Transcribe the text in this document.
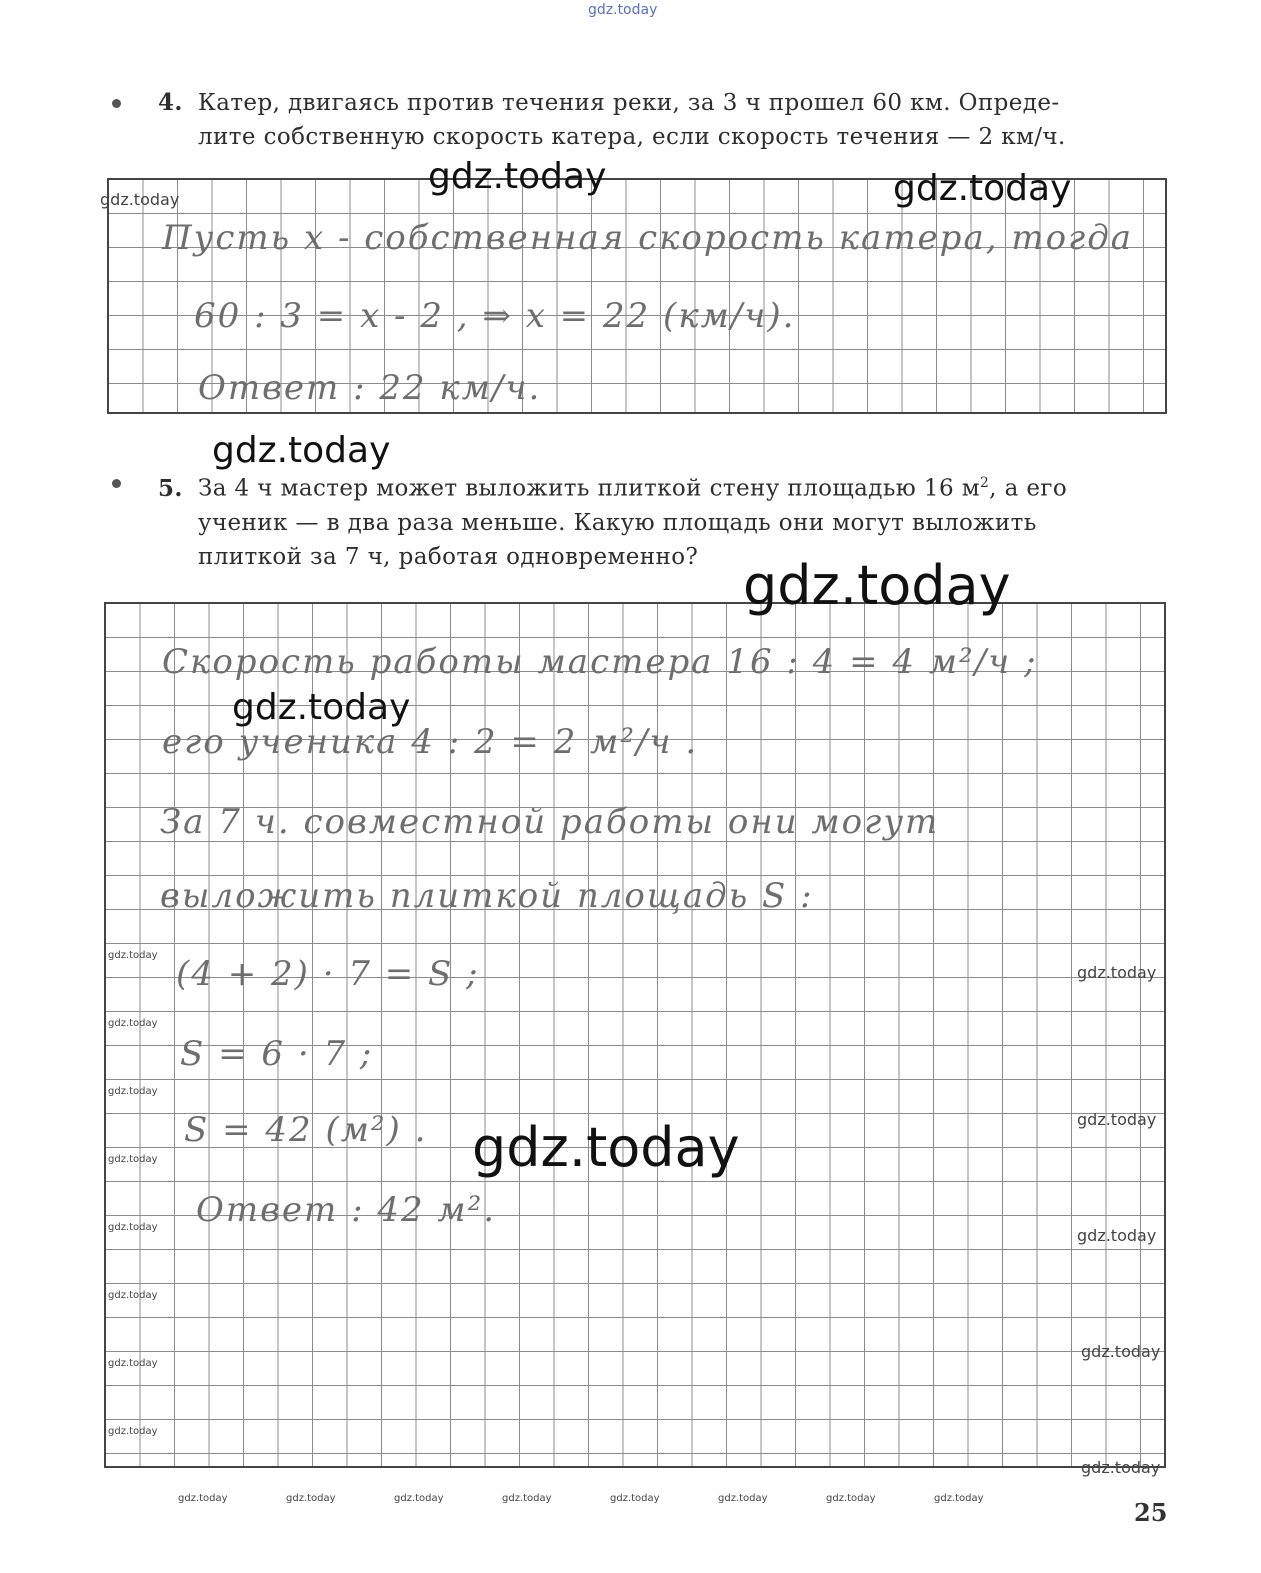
gdz.today
4. Катер, двигаясь против течения реки, за 3 ч прошел 60 км. Опреде-
лите собственную скорость катера, если скорость течения — 2 км/ч.
Пусть x - собственная скорость катера, тогда
60 : 3 = x - 2 , ⇒ x = 22 (км/ч).
Ответ : 22 км/ч.
5. За 4 ч мастер может выложить плиткой стену площадью 16 $м^2$, а его
ученик — в два раза меньше. Какую площадь они могут выложить
плиткой за 7 ч, работая одновременно?
Скорость работы мастера 16 : 4 = 4 м²/ч ;
его ученика 4 : 2 = 2 м²/ч .
За 7 ч. совместной работы они могут
выложить плиткой площадь S :
(4 + 2) · 7 = S ;
S = 6 · 7 ;
S = 42 (м²) .
Ответ : 42 м².
gdz.today	gdz.today
gdz.today
gdz.today
gdz.today
gdz.today
gdz.today
gdz.today
gdz.today
gdz.today
gdz.today
gdz.today
gdz.today
gdz.today
gdz.today
gdz.today
gdz.today
gdz.today
gdz.today
gdz.today
gdz.today	gdz.today	gdz.today	gdz.today	gdz.today	gdz.today	gdz.today	gdz.today	25
